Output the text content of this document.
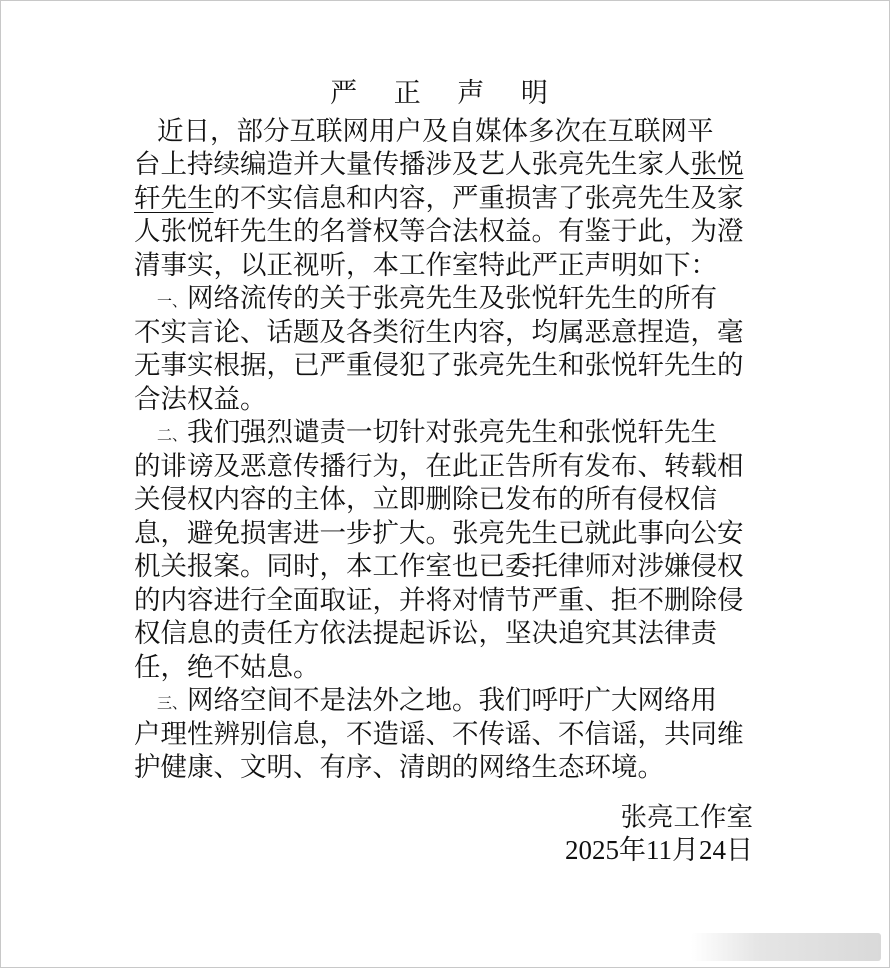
严 正 声 明
近日，部分互联网用户及自媒体多次在互联网平
台上持续编造并大量传播涉及艺人张亮先生家人张悦
轩先生的不实信息和内容，严重损害了张亮先生及家
人张悦轩先生的名誉权等合法权益。有鉴于此，为澄
清事实，以正视听，本工作室特此严正声明如下：
一、网络流传的关于张亮先生及张悦轩先生的所有
不实言论、话题及各类衍生内容，均属恶意捏造，毫
无事实根据，已严重侵犯了张亮先生和张悦轩先生的
合法权益。
二、我们强烈谴责一切针对张亮先生和张悦轩先生
的诽谤及恶意传播行为，在此正告所有发布、转载相
关侵权内容的主体，立即删除已发布的所有侵权信
息，避免损害进一步扩大。张亮先生已就此事向公安
机关报案。同时，本工作室也已委托律师对涉嫌侵权
的内容进行全面取证，并将对情节严重、拒不删除侵
权信息的责任方依法提起诉讼，坚决追究其法律责
任，绝不姑息。
三、网络空间不是法外之地。我们呼吁广大网络用
户理性辨别信息，不造谣、不传谣、不信谣，共同维
护健康、文明、有序、清朗的网络生态环境。
张亮工作室
2025年11月24日
